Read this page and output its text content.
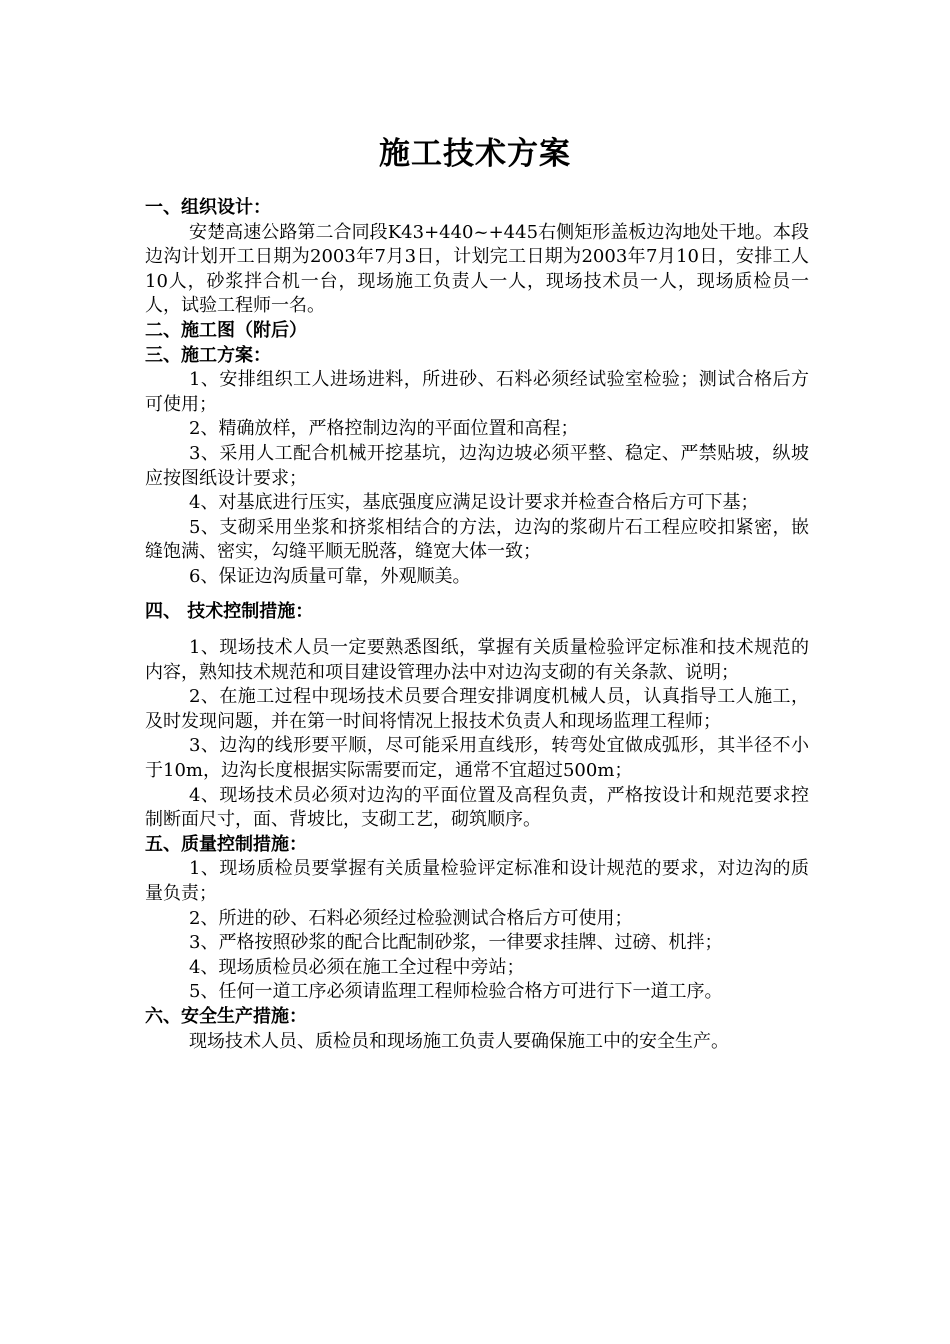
施工技术方案
一、组织设计：
安楚高速公路第二合同段K43+440~+445右侧矩形盖板边沟地处干地。本段边沟计划开工日期为2003年7月3日，计划完工日期为2003年7月10日，安排工人10人，砂浆拌合机一台，现场施工负责人一人，现场技术员一人，现场质检员一人，试验工程师一名。
二、施工图（附后）
三、施工方案：
1、安排组织工人进场进料，所进砂、石料必须经试验室检验；测试合格后方可使用；
2、精确放样，严格控制边沟的平面位置和高程；
3、采用人工配合机械开挖基坑，边沟边坡必须平整、稳定、严禁贴坡，纵坡应按图纸设计要求；
4、对基底进行压实，基底强度应满足设计要求并检查合格后方可下基；
5、支砌采用坐浆和挤浆相结合的方法，边沟的浆砌片石工程应咬扣紧密，嵌缝饱满、密实，勾缝平顺无脱落，缝宽大体一致；
6、保证边沟质量可靠，外观顺美。
四、 技术控制措施：
1、现场技术人员一定要熟悉图纸，掌握有关质量检验评定标准和技术规范的内容，熟知技术规范和项目建设管理办法中对边沟支砌的有关条款、说明；
2、在施工过程中现场技术员要合理安排调度机械人员，认真指导工人施工，及时发现问题，并在第一时间将情况上报技术负责人和现场监理工程师；
3、边沟的线形要平顺，尽可能采用直线形，转弯处宜做成弧形，其半径不小于10m，边沟长度根据实际需要而定，通常不宜超过500m；
4、现场技术员必须对边沟的平面位置及高程负责，严格按设计和规范要求控制断面尺寸，面、背坡比，支砌工艺，砌筑顺序。
五、质量控制措施：
1、现场质检员要掌握有关质量检验评定标准和设计规范的要求，对边沟的质量负责；
2、所进的砂、石料必须经过检验测试合格后方可使用；
3、严格按照砂浆的配合比配制砂浆，一律要求挂牌、过磅、机拌；
4、现场质检员必须在施工全过程中旁站；
5、任何一道工序必须请监理工程师检验合格方可进行下一道工序。
六、安全生产措施：
现场技术人员、质检员和现场施工负责人要确保施工中的安全生产。
